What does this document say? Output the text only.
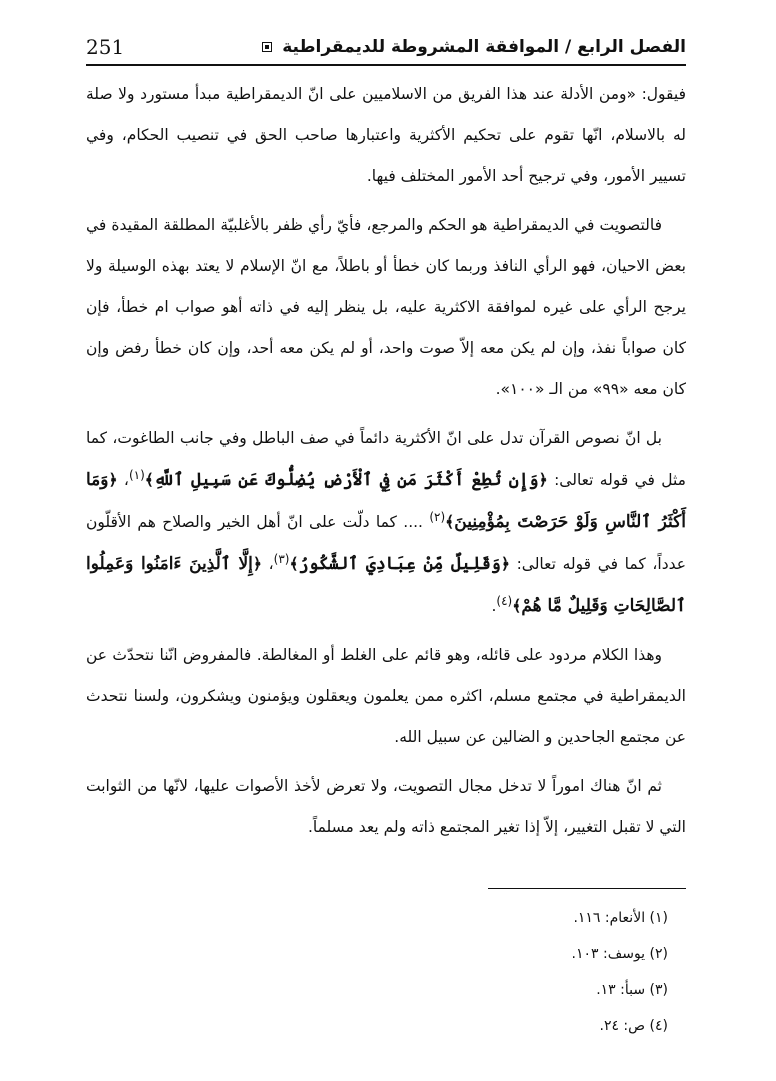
251	الفصل الرابع / الموافقة المشروطة للديمقراطية

فيقول: «ومن الأدلة عند هذا الفريق من الاسلاميين على انّ الديمقراطية مبدأ مستورد ولا صلة له بالاسلام، انّها تقوم على تحكيم الأكثرية واعتبارها صاحب الحق في تنصيب الحكام، وفي تسيير الأمور، وفي ترجيح أحد الأمور المختلف فيها.

فالتصويت في الديمقراطية هو الحكم والمرجع، فأيّ رأي ظفر بالأغلبيّة المطلقة المقيدة في بعض الاحيان، فهو الرأي النافذ وربما كان خطأ أو باطلاً، مع انّ الإسلام لا يعتد بهذه الوسيلة ولا يرجح الرأي على غيره لموافقة الاكثرية عليه، بل ينظر إليه في ذاته أهو صواب ام خطأ، فإن كان صواباً نفذ، وإن لم يكن معه إلاّ صوت واحد، أو لم يكن معه أحد، وإن كان خطأ رفض وإن كان معه «٩٩» من الـ «١٠٠».

بل انّ نصوص القرآن تدل على انّ الأكثرية دائماً في صف الباطل وفي جانب الطاغوت، كما مثل في قوله تعالى: ﴿وَإِن تُطِعْ أَكْثَرَ مَن فِي ٱلْأَرْضِ يُضِلُّوكَ عَن سَبِيلِ ٱللَّهِ﴾$^{(١)}$، ﴿وَمَا أَكْثَرُ ٱلنَّاسِ وَلَوْ حَرَصْتَ بِمُؤْمِنِينَ﴾$^{(٢)}$ .... كما دلّت على انّ أهل الخير والصلاح هم الأقلّون عدداً، كما في قوله تعالى: ﴿وَقَلِيلٌ مِّنْ عِبَادِيَ ٱلشَّكُورُ﴾$^{(٣)}$، ﴿إِلَّا ٱلَّذِينَ ءَامَنُوا وَعَمِلُوا ٱلصَّالِحَاتِ وَقَلِيلٌ مَّا هُمْ﴾$^{(٤)}$.

وهذا الكلام مردود على قائله، وهو قائم على الغلط أو المغالطة. فالمفروض انّنا نتحدّث عن الديمقراطية في مجتمع مسلم، اكثره ممن يعلمون ويعقلون ويؤمنون ويشكرون، ولسنا نتحدث عن مجتمع الجاحدين و الضالين عن سبيل الله.

ثم انّ هناك اموراً لا تدخل مجال التصويت، ولا تعرض لأخذ الأصوات عليها، لانّها من الثوابت التي لا تقبل التغيير، إلاّ إذا تغير المجتمع ذاته ولم يعد مسلماً.

(١) الأنعام: ١١٦.
(٢) يوسف: ١٠٣.
(٣) سبأ: ١٣.
(٤) ص: ٢٤.
